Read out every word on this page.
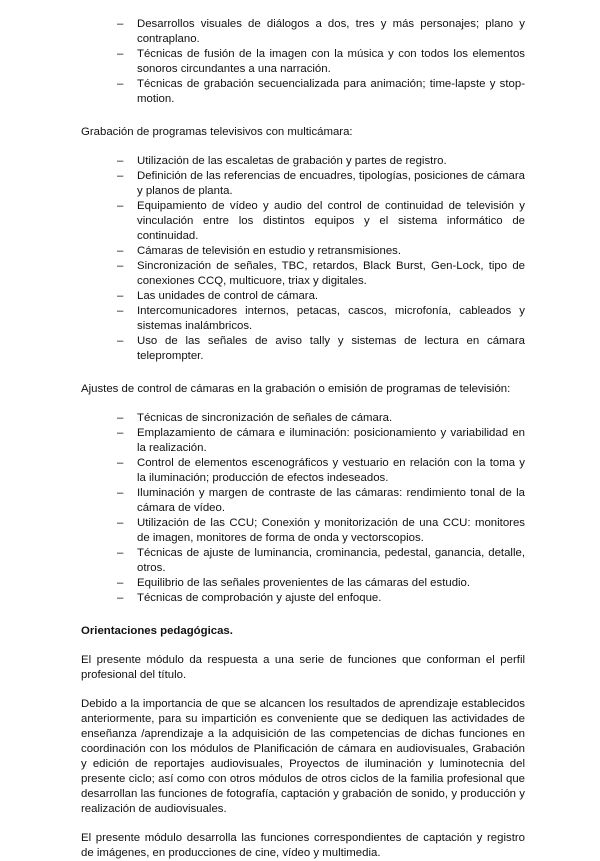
– Desarrollos visuales de diálogos a dos, tres y más personajes; plano y contraplano.
– Técnicas de fusión de la imagen con la música y con todos los elementos sonoros circundantes a una narración.
– Técnicas de grabación secuencializada para animación; time-lapste y stop-motion.

Grabación de programas televisivos con multicámara:

– Utilización de las escaletas de grabación y partes de registro.
– Definición de las referencias de encuadres, tipologías, posiciones de cámara y planos de planta.
– Equipamiento de vídeo y audio del control de continuidad de televisión y vinculación entre los distintos equipos y el sistema informático de continuidad.
– Cámaras de televisión en estudio y retransmisiones.
– Sincronización de señales, TBC, retardos, Black Burst, Gen-Lock, tipo de conexiones CCQ, multicuore, triax y digitales.
– Las unidades de control de cámara.
– Intercomunicadores internos, petacas, cascos, microfonía, cableados y sistemas inalámbricos.
– Uso de las señales de aviso tally y sistemas de lectura en cámara teleprompter.

Ajustes de control de cámaras en la grabación o emisión de programas de televisión:

– Técnicas de sincronización de señales de cámara.
– Emplazamiento de cámara e iluminación: posicionamiento y variabilidad en la realización.
– Control de elementos escenográficos y vestuario en relación con la toma y la iluminación; producción de efectos indeseados.
– Iluminación y margen de contraste de las cámaras: rendimiento tonal de la cámara de vídeo.
– Utilización de las CCU; Conexión y monitorización de una CCU: monitores de imagen, monitores de forma de onda y vectorscopios.
– Técnicas de ajuste de luminancia, crominancia, pedestal, ganancia, detalle, otros.
– Equilibrio de las señales provenientes de las cámaras del estudio.
– Técnicas de comprobación y ajuste del enfoque.

Orientaciones pedagógicas.

El presente módulo da respuesta a una serie de funciones que conforman el perfil profesional del título.

Debido a la importancia de que se alcancen los resultados de aprendizaje establecidos anteriormente, para su impartición es conveniente que se dediquen las actividades de enseñanza /aprendizaje a la adquisición de las competencias de dichas funciones en coordinación con los módulos de Planificación de cámara en audiovisuales, Grabación y edición de reportajes audiovisuales, Proyectos de iluminación y luminotecnia del presente ciclo; así como con otros módulos de otros ciclos de la familia profesional que desarrollan las funciones de fotografía, captación y grabación de sonido, y producción y realización de audiovisuales.

El presente módulo desarrolla las funciones correspondientes de captación y registro de imágenes, en producciones de cine, vídeo y multimedia.
